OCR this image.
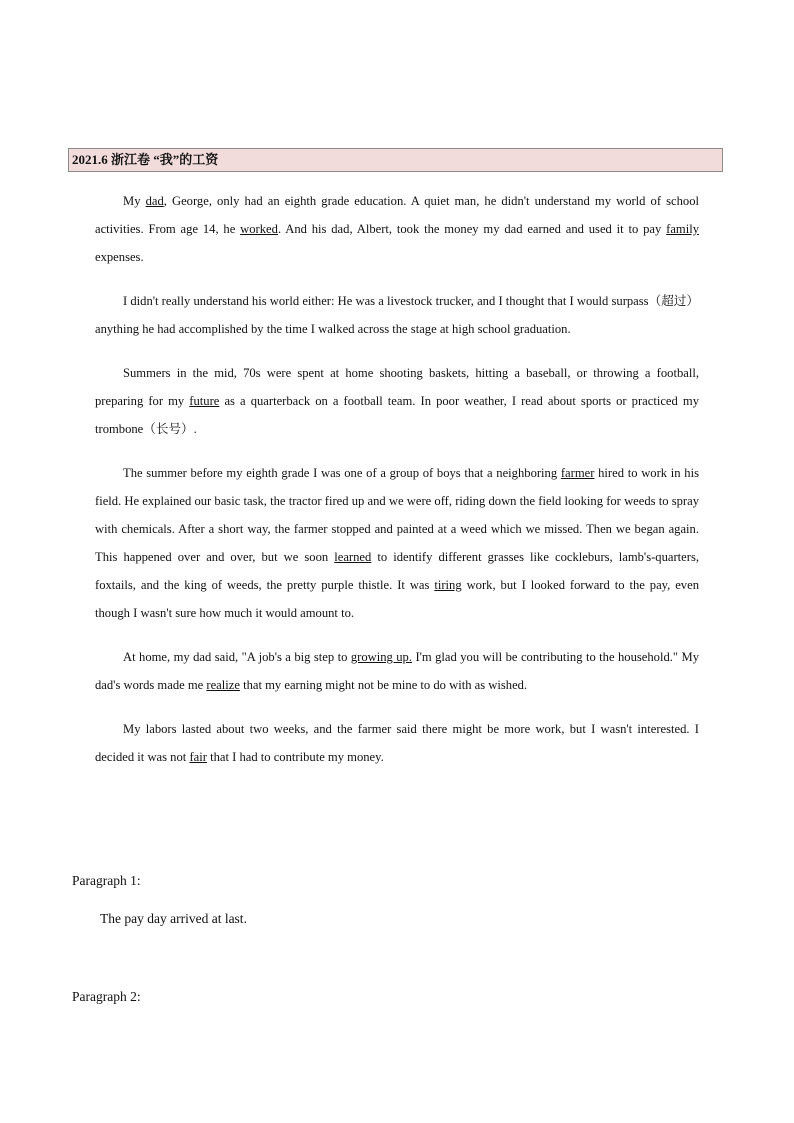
2021.6 浙江卷 “我”的工资

My dad, George, only had an eighth grade education. A quiet man, he didn't understand my world of school activities. From age 14, he worked. And his dad, Albert, took the money my dad earned and used it to pay family expenses.

I didn't really understand his world either: He was a livestock trucker, and I thought that I would surpass（超过） anything he had accomplished by the time I walked across the stage at high school graduation.

Summers in the mid, 70s were spent at home shooting baskets, hitting a baseball, or throwing a football, preparing for my future as a quarterback on a football team. In poor weather, I read about sports or practiced my trombone（长号）.

The summer before my eighth grade I was one of a group of boys that a neighboring farmer hired to work in his field. He explained our basic task, the tractor fired up and we were off, riding down the field looking for weeds to spray with chemicals. After a short way, the farmer stopped and painted at a weed which we missed. Then we began again. This happened over and over, but we soon learned to identify different grasses like cockleburs, lamb's-quarters, foxtails, and the king of weeds, the pretty purple thistle. It was tiring work, but I looked forward to the pay, even though I wasn't sure how much it would amount to.

At home, my dad said, "A job's a big step to growing up. I'm glad you will be contributing to the household." My dad's words made me realize that my earning might not be mine to do with as wished.

My labors lasted about two weeks, and the farmer said there might be more work, but I wasn't interested. I decided it was not fair that I had to contribute my money.

Paragraph 1:
The pay day arrived at last.
Paragraph 2:
